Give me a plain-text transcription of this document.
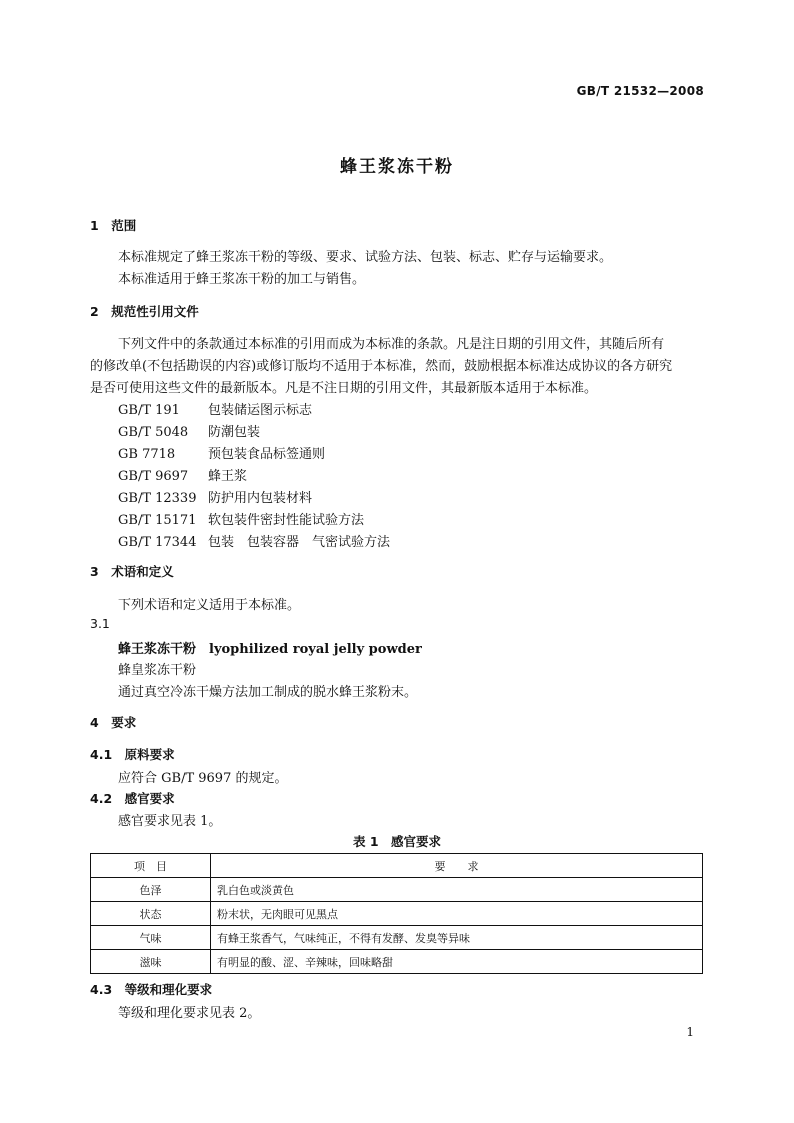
GB/T 21532—2008
蜂王浆冻干粉
1　范围
本标准规定了蜂王浆冻干粉的等级、要求、试验方法、包装、标志、贮存与运输要求。
本标准适用于蜂王浆冻干粉的加工与销售。
2　规范性引用文件
下列文件中的条款通过本标准的引用而成为本标准的条款。凡是注日期的引用文件，其随后所有
的修改单(不包括勘误的内容)或修订版均不适用于本标准，然而，鼓励根据本标准达成协议的各方研究
是否可使用这些文件的最新版本。凡是不注日期的引用文件，其最新版本适用于本标准。
GB/T 191 包装储运图示标志
GB/T 5048 防潮包装
GB 7718	预包装食品标签通则
GB/T 9697 蜂王浆
GB/T 12339 防护用内包装材料
GB/T 15171 软包装件密封性能试验方法
GB/T 17344 包装　包装容器　气密试验方法
3　术语和定义
下列术语和定义适用于本标准。
3.1
蜂王浆冻干粉　lyophilized royal jelly powder
蜂皇浆冻干粉
通过真空冷冻干燥方法加工制成的脱水蜂王浆粉末。
4　要求
4.1　原料要求
应符合 GB/T 9697 的规定。
4.2　感官要求
感官要求见表 1。
表 1　感官要求
项　目	要　　求
色泽	乳白色或淡黄色
状态	粉末状，无肉眼可见黑点
气味	有蜂王浆香气，气味纯正，不得有发酵、发臭等异味
滋味	有明显的酸、涩、辛辣味，回味略甜
4.3　等级和理化要求
等级和理化要求见表 2。
1
